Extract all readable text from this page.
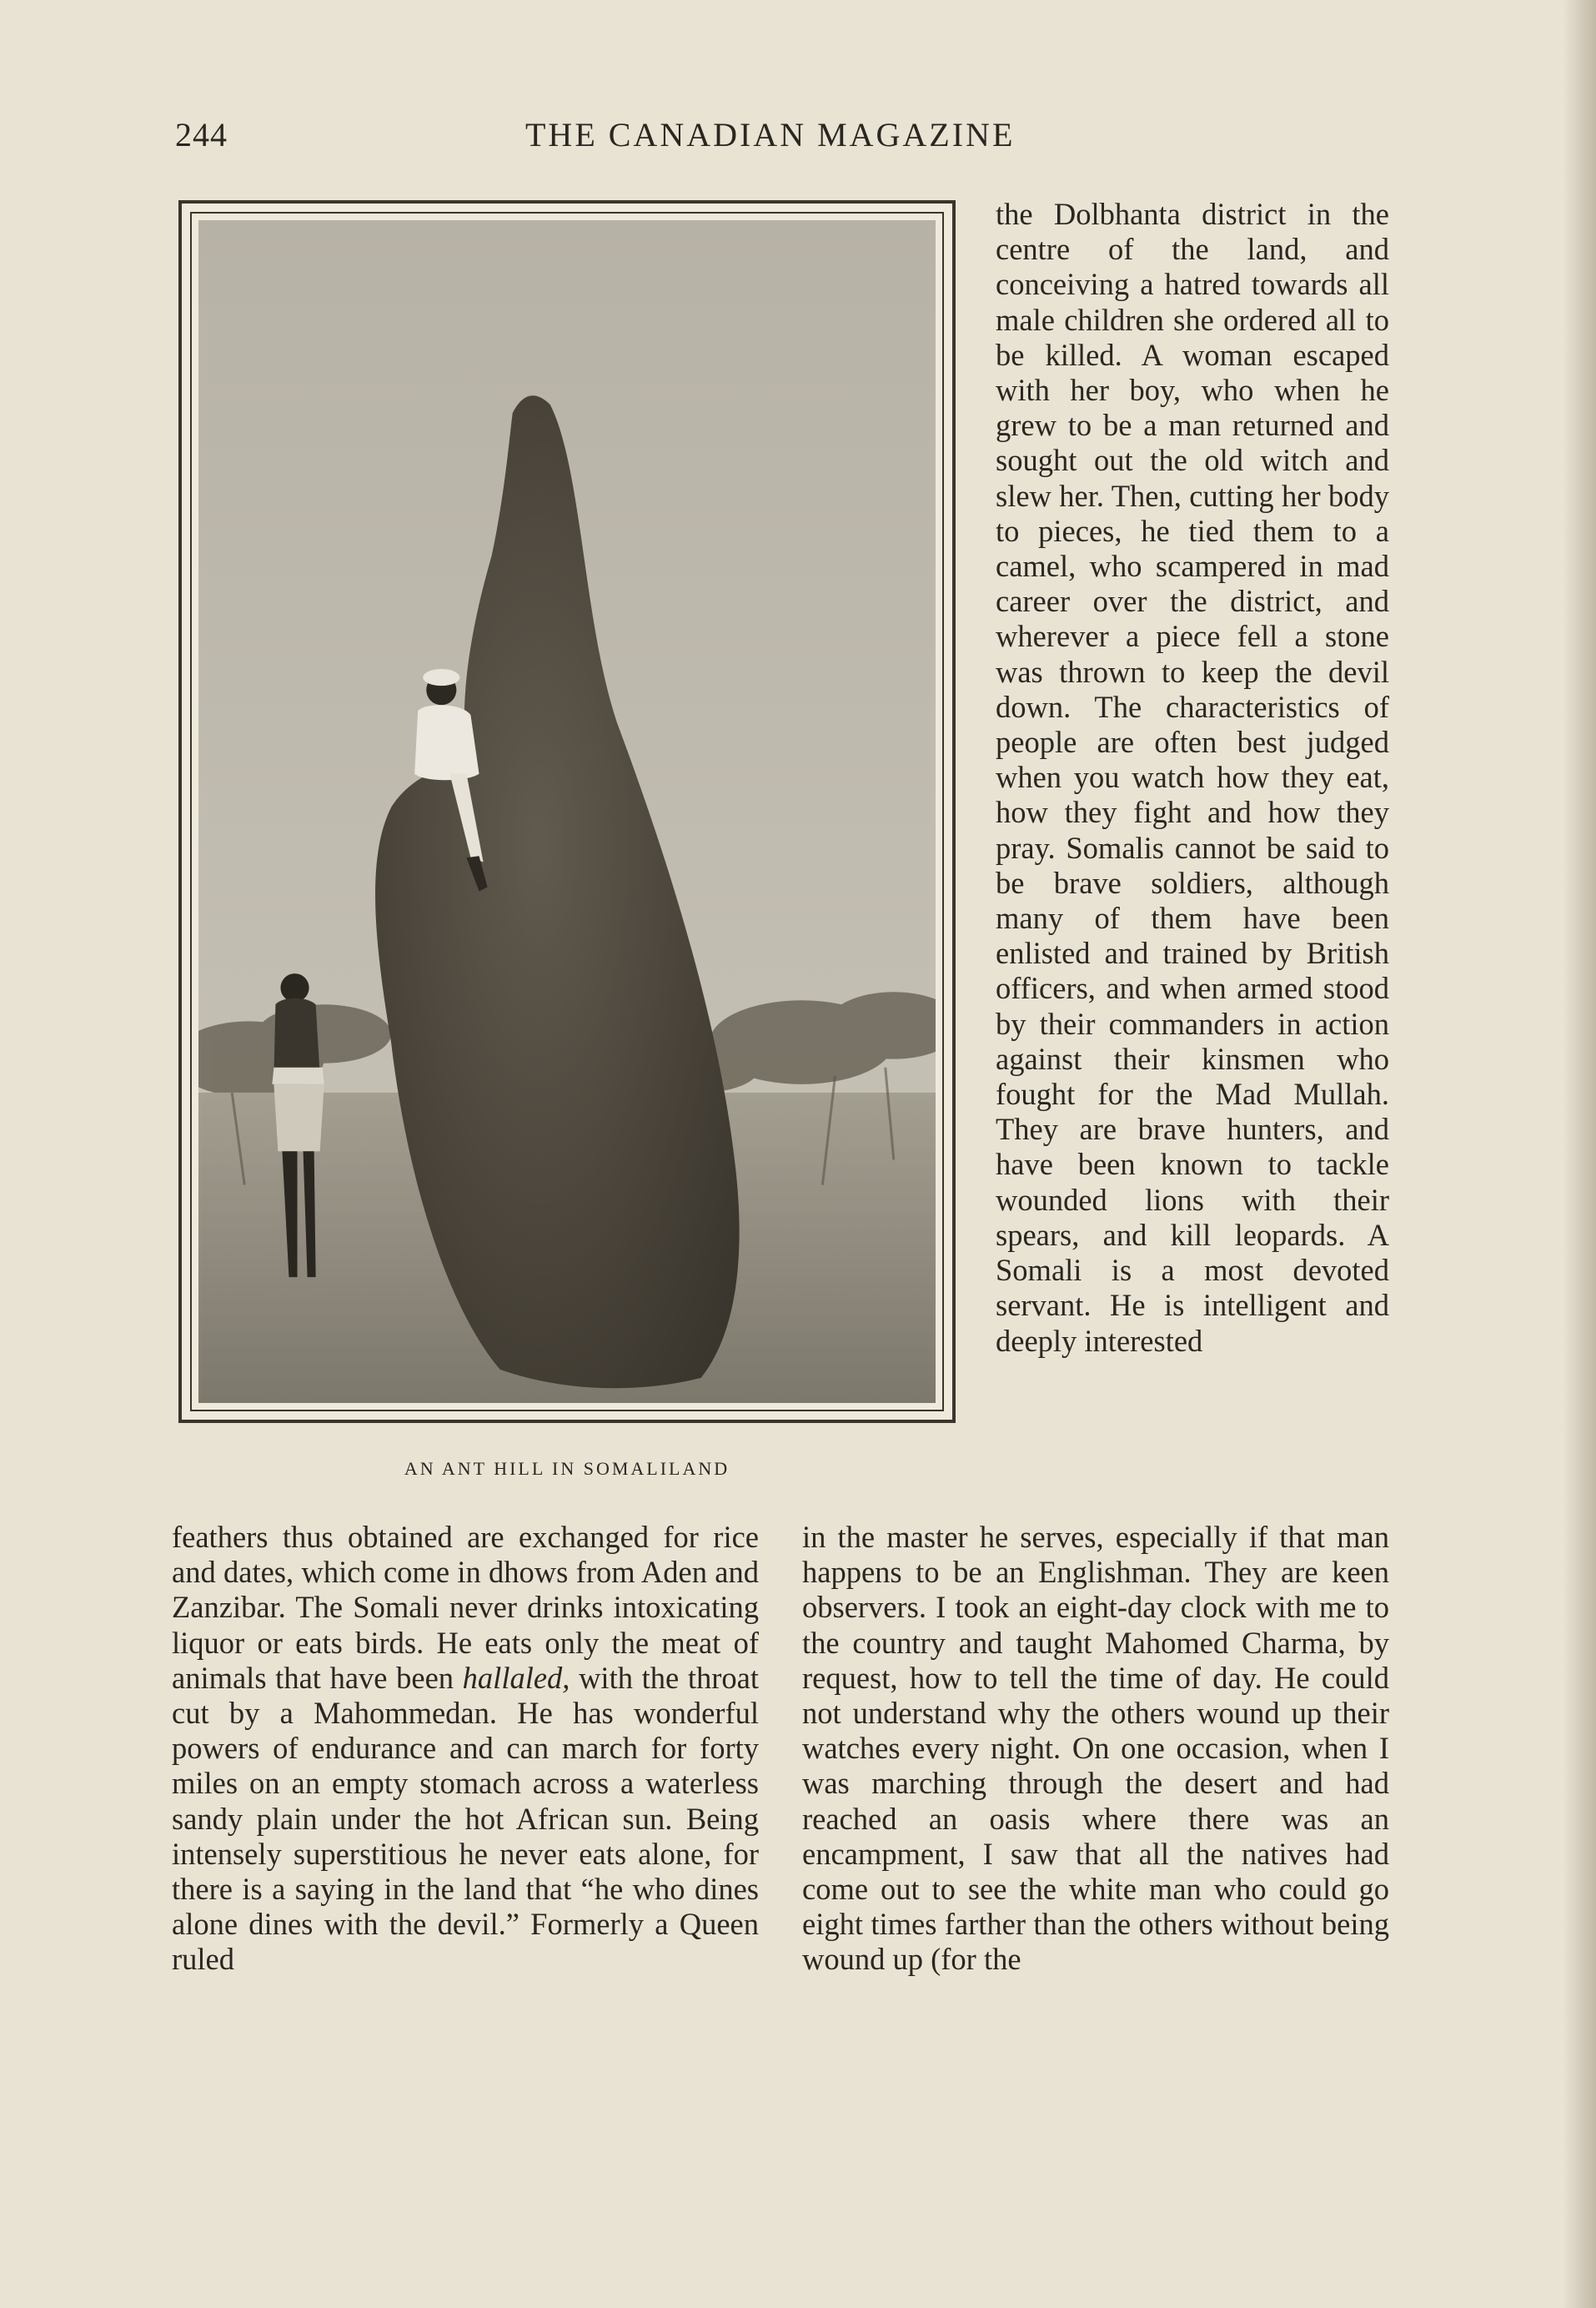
244	THE CANADIAN MAGAZINE
AN ANT HILL IN SOMALILAND

the Dolbhanta district in the centre of the land, and conceiving a hatred towards all male children she ordered all to be killed. A woman escaped with her boy, who when he grew to be a man returned and sought out the old witch and slew her. Then, cutting her body to pieces, he tied them to a camel, who scampered in mad career over the district, and wherever a piece fell a stone was thrown to keep the devil down. The characteristics of people are often best judged when you watch how they eat, how they fight and how they pray. Somalis cannot be said to be brave soldiers, although many of them have been enlisted and trained by British officers, and when armed stood by their commanders in action against their kinsmen who fought for the Mad Mullah. They are brave hunters, and have been known to tackle wounded lions with their spears, and kill leopards. A Somali is a most devoted servant. He is intelligent and deeply interested

feathers thus obtained are exchanged for rice and dates, which come in dhows from Aden and Zanzibar. The Somali never drinks intoxicating liquor or eats birds. He eats only the meat of animals that have been hallaled, with the throat cut by a Mahommedan. He has wonderful powers of endurance and can march for forty miles on an empty stomach across a waterless sandy plain under the hot African sun. Being intensely superstitious he never eats alone, for there is a saying in the land that “he who dines alone dines with the devil.” Formerly a Queen ruled

in the master he serves, especially if that man happens to be an Englishman. They are keen observers. I took an eight-day clock with me to the country and taught Mahomed Charma, by request, how to tell the time of day. He could not understand why the others wound up their watches every night. On one occasion, when I was marching through the desert and had reached an oasis where there was an encampment, I saw that all the natives had come out to see the white man who could go eight times farther than the others without being wound up (for the
